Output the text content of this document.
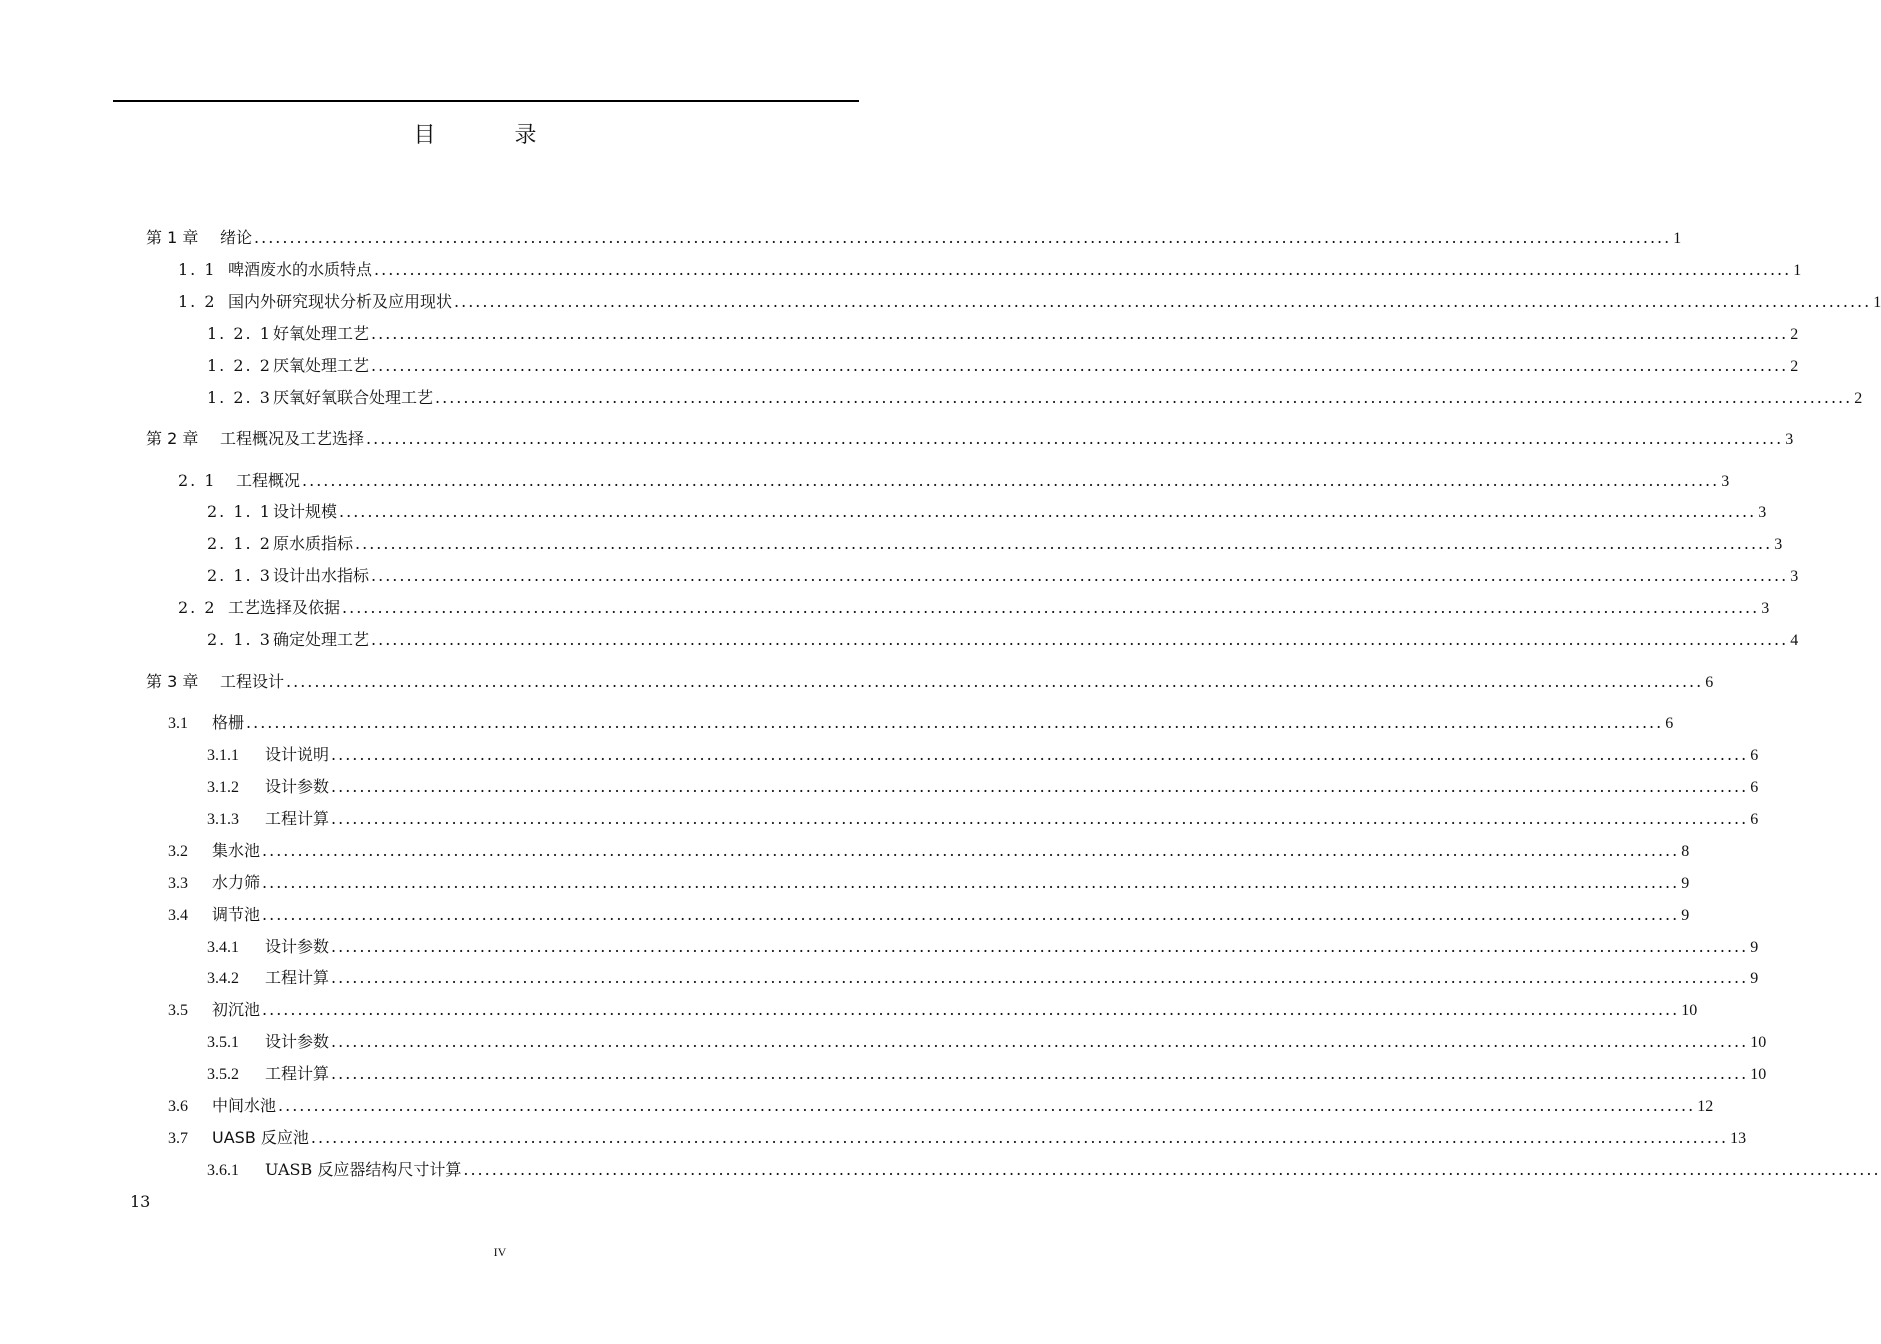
目 录
第 1 章	绪论 ........................................................................................................................................................................................................ 1
1. 1 啤酒废水的水质特点 ........................................................................................................................................................................................................ 1
1. 2 国内外研究现状分析及应用现状 ........................................................................................................................................................................................................ 1
1. 2. 1 好氧处理工艺 ........................................................................................................................................................................................................ 2
1. 2. 2 厌氧处理工艺 ........................................................................................................................................................................................................ 2
1. 2. 3 厌氧好氧联合处理工艺 ........................................................................................................................................................................................................ 2
第 2 章	工程概况及工艺选择 ........................................................................................................................................................................................................ 3
2. 1	工程概况 ........................................................................................................................................................................................................ 3
2. 1. 1 设计规模 ........................................................................................................................................................................................................ 3
2. 1. 2 原水质指标 ........................................................................................................................................................................................................ 3
2. 1. 3 设计出水指标 ........................................................................................................................................................................................................ 3
2. 2 工艺选择及依据 ........................................................................................................................................................................................................ 3
2. 1. 3 确定处理工艺 ........................................................................................................................................................................................................ 4
第 3 章	工程设计 ........................................................................................................................................................................................................ 6
3.1	格栅 ........................................................................................................................................................................................................ 6
3.1.1	设计说明 ........................................................................................................................................................................................................ 6
3.1.2	设计参数 ........................................................................................................................................................................................................ 6
3.1.3	工程计算 ........................................................................................................................................................................................................ 6
3.2	集水池 ........................................................................................................................................................................................................ 8
3.3	水力筛 ........................................................................................................................................................................................................ 9
3.4	调节池 ........................................................................................................................................................................................................ 9
3.4.1	设计参数 ........................................................................................................................................................................................................ 9
3.4.2	工程计算 ........................................................................................................................................................................................................ 9
3.5	初沉池 ........................................................................................................................................................................................................ 10
3.5.1	设计参数 ........................................................................................................................................................................................................ 10
3.5.2	工程计算 ........................................................................................................................................................................................................ 10
3.6	中间水池 ........................................................................................................................................................................................................ 12
3.7	UASB 反应池 ........................................................................................................................................................................................................ 13
3.6.1	UASB 反应器结构尺寸计算 ........................................................................................................................................................................................................
13
IV
